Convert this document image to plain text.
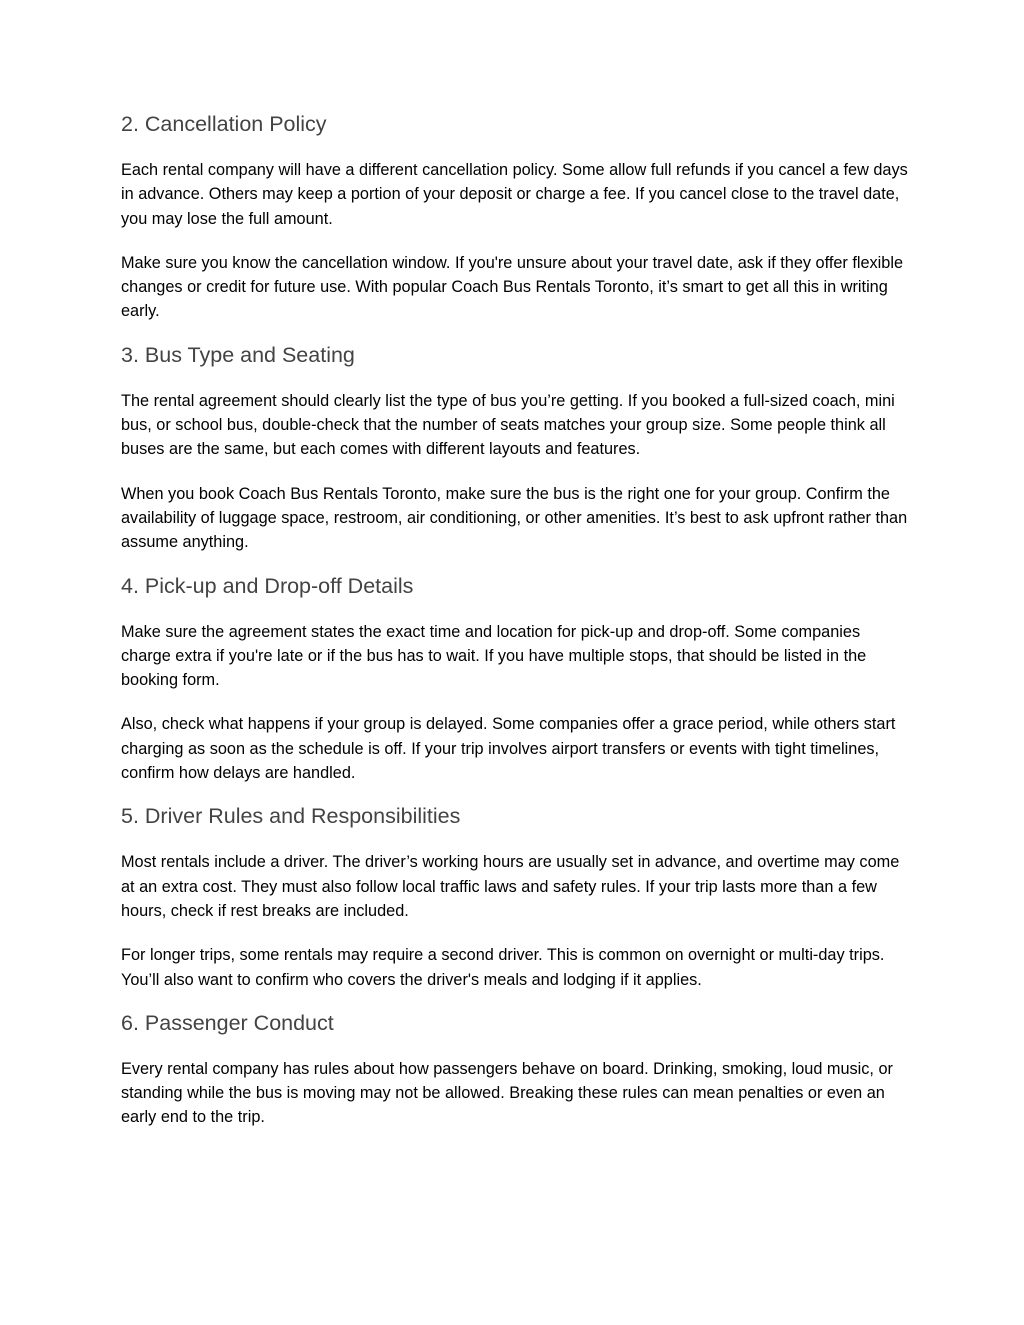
2. Cancellation Policy

Each rental company will have a different cancellation policy. Some allow full refunds if you cancel a few days in advance. Others may keep a portion of your deposit or charge a fee. If you cancel close to the travel date, you may lose the full amount.

Make sure you know the cancellation window. If you're unsure about your travel date, ask if they offer flexible changes or credit for future use. With popular Coach Bus Rentals Toronto, it’s smart to get all this in writing early.

3. Bus Type and Seating

The rental agreement should clearly list the type of bus you’re getting. If you booked a full-sized coach, mini bus, or school bus, double-check that the number of seats matches your group size. Some people think all buses are the same, but each comes with different layouts and features.

When you book Coach Bus Rentals Toronto, make sure the bus is the right one for your group. Confirm the availability of luggage space, restroom, air conditioning, or other amenities. It’s best to ask upfront rather than assume anything.

4. Pick-up and Drop-off Details

Make sure the agreement states the exact time and location for pick-up and drop-off. Some companies charge extra if you're late or if the bus has to wait. If you have multiple stops, that should be listed in the booking form.

Also, check what happens if your group is delayed. Some companies offer a grace period, while others start charging as soon as the schedule is off. If your trip involves airport transfers or events with tight timelines, confirm how delays are handled.

5. Driver Rules and Responsibilities

Most rentals include a driver. The driver’s working hours are usually set in advance, and overtime may come at an extra cost. They must also follow local traffic laws and safety rules. If your trip lasts more than a few hours, check if rest breaks are included.

For longer trips, some rentals may require a second driver. This is common on overnight or multi-day trips. You’ll also want to confirm who covers the driver's meals and lodging if it applies.

6. Passenger Conduct

Every rental company has rules about how passengers behave on board. Drinking, smoking, loud music, or standing while the bus is moving may not be allowed. Breaking these rules can mean penalties or even an early end to the trip.
